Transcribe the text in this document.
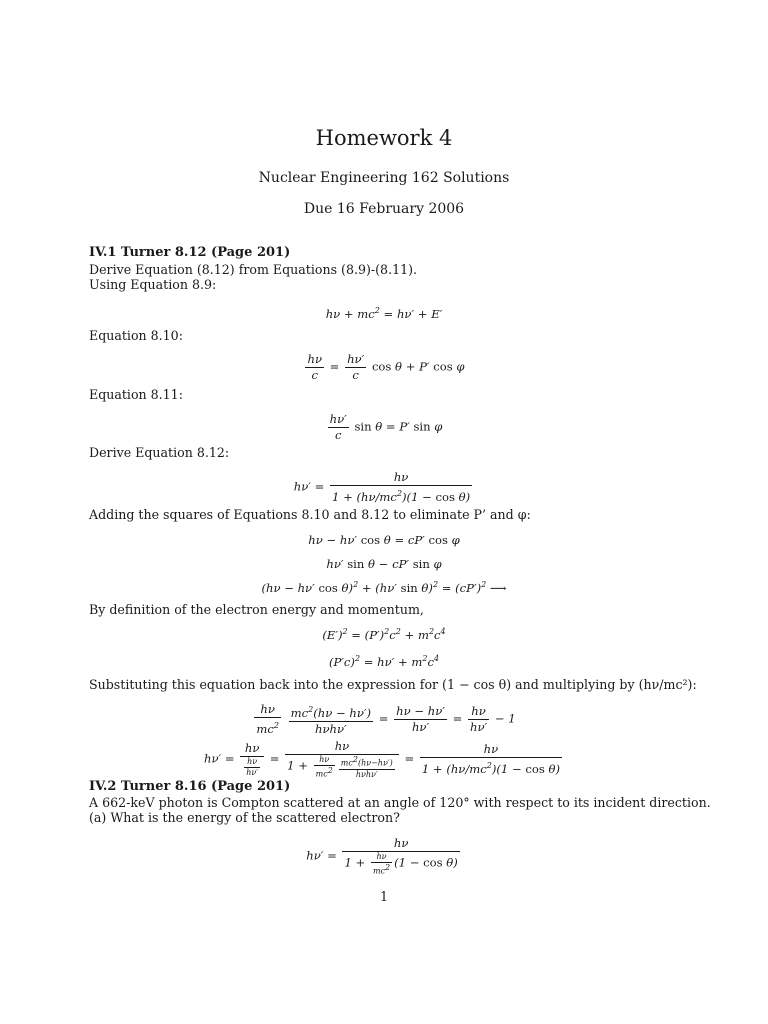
Homework 4
Nuclear Engineering 162 Solutions
Due 16 February 2006
IV.1 Turner 8.12 (Page 201)
Derive Equation (8.12) from Equations (8.9)-(8.11).
Using Equation 8.9:
$h\nu + mc^2 = h\nu' + E'$
Equation 8.10:
$\frac{h\nu}{c} = \frac{h\nu'}{c}$ cos θ + P′ cos φ
Equation 8.11:
$\frac{h\nu'}{c}$ sin θ = P′ sin φ
Derive Equation 8.12:
$h\nu' = \frac{h\nu}{1 + (h\nu/mc^2)(1 - \cos \theta)}$
Adding the squares of Equations 8.10 and 8.12 to eliminate P’ and φ:
hν − hν′ cos θ = cP′ cos φ
hν′ sin θ − cP′ sin φ
(hν − hν′ cos θ)$^2$ + (hν′ $\sin \theta)^2 = (cP')^2$ ⟶
By definition of the electron energy and momentum,
$(E')^2 = (P')^2c^2 + m^2c^4$
$(P'c)^2 = h\nu' + m^2c^4$
Substituting this equation back into the expression for (1 − cos θ) and multiplying by (hν/mc²):
$\frac{h\nu}{mc^2}$
$\frac{mc^2(h\nu - h\nu')}{\text{hνhν′}} = \frac{h\nu - h\nu'}{h\nu'} = \frac{h\nu}{h\nu'} - 1$
$h\nu' = \frac{h\nu}{\frac{h\nu}{h\nu'}} = \frac{h\nu}{1 + \frac{h\nu}{mc^2} \frac{mc^2(h\nu-h\nu')}{\text{hνhν′}}} = \frac{h\nu}{1 + (h\nu/mc^2)(1 - \cos \theta)}$
IV.2 Turner 8.16 (Page 201)
A 662-keV photon is Compton scattered at an angle of 120° with respect to its incident direction.
(a) What is the energy of the scattered electron?
$h\nu' = \frac{h\nu}{1 + \frac{h\nu}{mc^2} (1 - \cos \theta)}$
1
